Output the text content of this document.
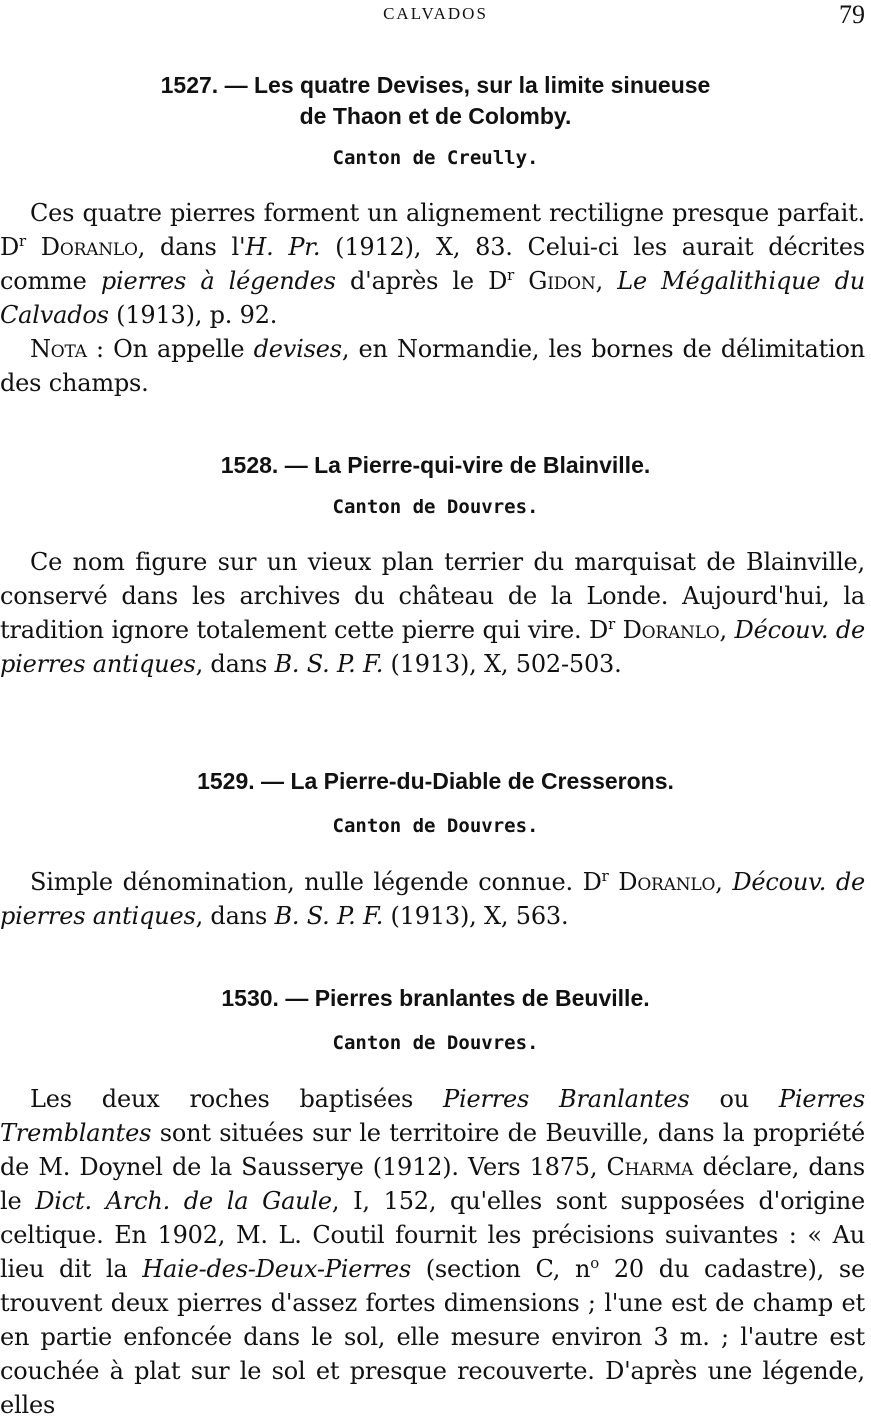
CALVADOS	79
1527. — Les quatre Devises, sur la limite sinueuse
de Thaon et de Colomby.
Canton de Creully.

Ces quatre pierres forment un alignement rectiligne presque parfait. $D^r$ Doranlo, dans l'H. Pr. (1912), X, 83. Celui-ci les aurait décrites comme pierres à légendes d'après le $D^r$ Gidon, Le Mégalithique du Calvados (1913), p. 92.

Nota : On appelle devises, en Normandie, les bornes de délimitation des champs.

1528. — La Pierre-qui-vire de Blainville.
Canton de Douvres.

Ce nom figure sur un vieux plan terrier du marquisat de Blainville, conservé dans les archives du château de la Londe. Aujourd'hui, la tradition ignore totalement cette pierre qui vire. $D^r$ Doranlo, Découv. de pierres antiques, dans B. S. P. F. (1913), X, 502-503.

1529. — La Pierre-du-Diable de Cresserons.
Canton de Douvres.

Simple dénomination, nulle légende connue. $D^r$ Doranlo, Découv. de pierres antiques, dans B. S. P. F. (1913), X, 563.

1530. — Pierres branlantes de Beuville.
Canton de Douvres.

Les deux roches baptisées Pierres Branlantes ou Pierres Tremblantes sont situées sur le territoire de Beuville, dans la propriété de M. Doynel de la Sausserye (1912). Vers 1875, Charma déclare, dans le Dict. Arch. de la Gaule, I, 152, qu'elles sont supposées d'origine celtique. En 1902, M. L. Coutil fournit les précisions suivantes : « Au lieu dit la Haie-des-Deux-Pierres (section C, $n^o$ 20 du cadastre), se trouvent deux pierres d'assez fortes dimensions ; l'une est de champ et en partie enfoncée dans le sol, elle mesure environ 3 m. ; l'autre est couchée à plat sur le sol et presque recouverte. D'après une légende, elles
